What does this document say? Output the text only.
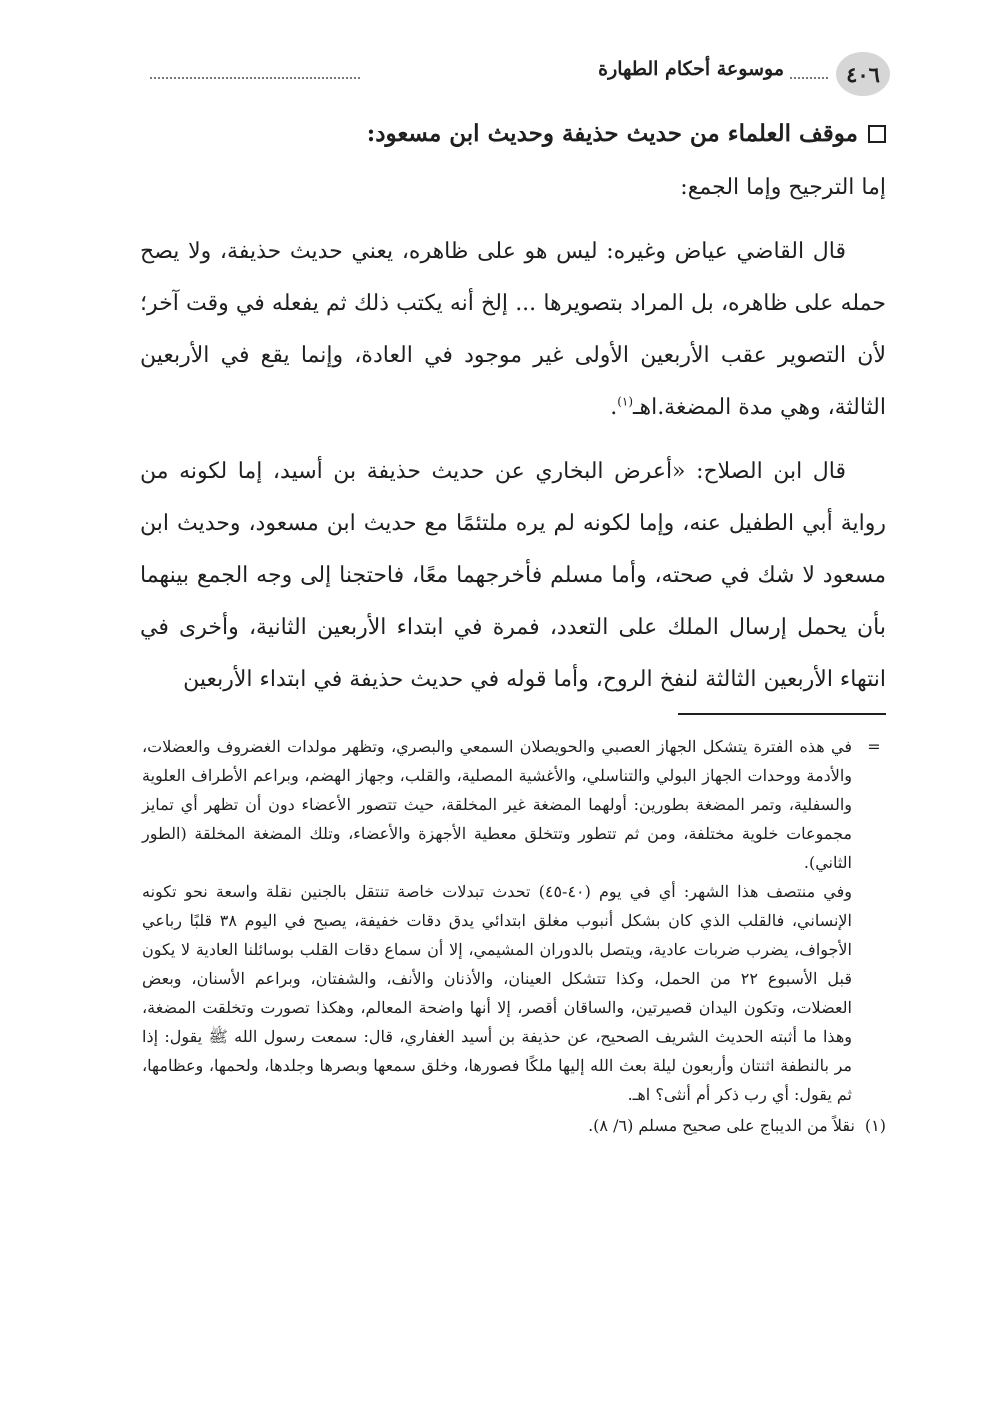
٤٠٦
موسوعة أحكام الطهارة
موقف العلماء من حديث حذيفة وحديث ابن مسعود:

إما الترجيح وإما الجمع:

قال القاضي عياض وغيره: ليس هو على ظاهره، يعني حديث حذيفة، ولا يصح حمله على ظاهره، بل المراد بتصويرها ... إلخ أنه يكتب ذلك ثم يفعله في وقت آخر؛ لأن التصوير عقب الأربعين الأولى غير موجود في العادة، وإنما يقع في الأربعين الثالثة، وهي مدة المضغة.اهـ$^{(١)}$.

قال ابن الصلاح: «أعرض البخاري عن حديث حذيفة بن أسيد، إما لكونه من رواية أبي الطفيل عنه، وإما لكونه لم يره ملتئمًا مع حديث ابن مسعود، وحديث ابن مسعود لا شك في صحته، وأما مسلم فأخرجهما معًا، فاحتجنا إلى وجه الجمع بينهما بأن يحمل إرسال الملك على التعدد، فمرة في ابتداء الأربعين الثانية، وأخرى في انتهاء الأربعين الثالثة لنفخ الروح، وأما قوله في حديث حذيفة في ابتداء الأربعين

=

في هذه الفترة يتشكل الجهاز العصبي والحويصلان السمعي والبصري، وتظهر مولدات الغضروف والعضلات، والأدمة ووحدات الجهاز البولي والتناسلي، والأغشية المصلية، والقلب، وجهاز الهضم، وبراعم الأطراف العلوية والسفلية، وتمر المضغة بطورين: أولهما المضغة غير المخلقة، حيث تتصور الأعضاء دون أن تظهر أي تمايز مجموعات خلوية مختلفة، ومن ثم تتطور وتتخلق معطية الأجهزة والأعضاء، وتلك المضغة المخلقة (الطور الثاني).

وفي منتصف هذا الشهر: أي في يوم (٤٠-٤٥) تحدث تبدلات خاصة تنتقل بالجنين نقلة واسعة نحو تكونه الإنساني، فالقلب الذي كان بشكل أنبوب مغلق ابتدائي يدق دقات خفيفة، يصبح في اليوم ٣٨ قلبًا رباعي الأجواف، يضرب ضربات عادية، ويتصل بالدوران المشيمي، إلا أن سماع دقات القلب بوسائلنا العادية لا يكون قبل الأسبوع ٢٢ من الحمل، وكذا تتشكل العينان، والأذنان والأنف، والشفتان، وبراعم الأسنان، وبعض العضلات، وتكون اليدان قصيرتين، والساقان أقصر، إلا أنها واضحة المعالم، وهكذا تصورت وتخلقت المضغة، وهذا ما أثبته الحديث الشريف الصحيح، عن حذيفة بن أسيد الغفاري، قال: سمعت رسول الله ﷺ يقول: إذا مر بالنطفة اثنتان وأربعون ليلة بعث الله إليها ملكًا فصورها، وخلق سمعها وبصرها وجلدها، ولحمها، وعظامها، ثم يقول: أي رب ذكر أم أنثى؟ اهـ.

(١)
نقلاً من الديباج على صحيح مسلم (٦/ ٨).
